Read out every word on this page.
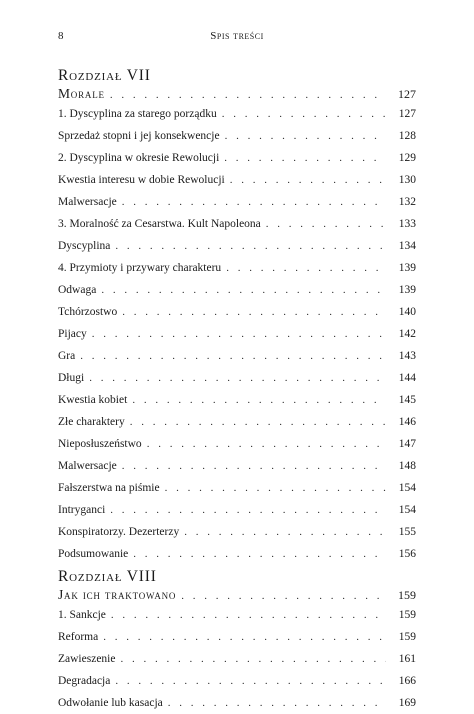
8	Spis treści
Rozdział VII
Morale . . .	127
1. Dyscyplina za starego porządku . . .	127
Sprzedaż stopni i jej konsekwencje . . .	128
2. Dyscyplina w okresie Rewolucji . . .	129
Kwestia interesu w dobie Rewolucji . . .	130
Malwersacje . . .	132
3. Moralność za Cesarstwa. Kult Napoleona . . .	133
Dyscyplina . . .	134
4. Przymioty i przywary charakteru . . .	139
Odwaga . . .	139
Tchórzostwo . . .	140
Pijacy . . .	142
Gra . . .	143
Długi . . .	144
Kwestia kobiet . . .	145
Złe charaktery . . .	146
Nieposłuszeństwo . . .	147
Malwersacje . . .	148
Fałszerstwa na piśmie . . .	154
Intryganci . . .	154
Konspiratorzy. Dezerterzy . . .	155
Podsumowanie . . .	156
Rozdział VIII
Jak ich traktowano . . .	159
1. Sankcje . . .	159
Reforma . . .	159
Zawieszenie . . .	161
Degradacja . . .	166
Odwołanie lub kasacja . . .	169
